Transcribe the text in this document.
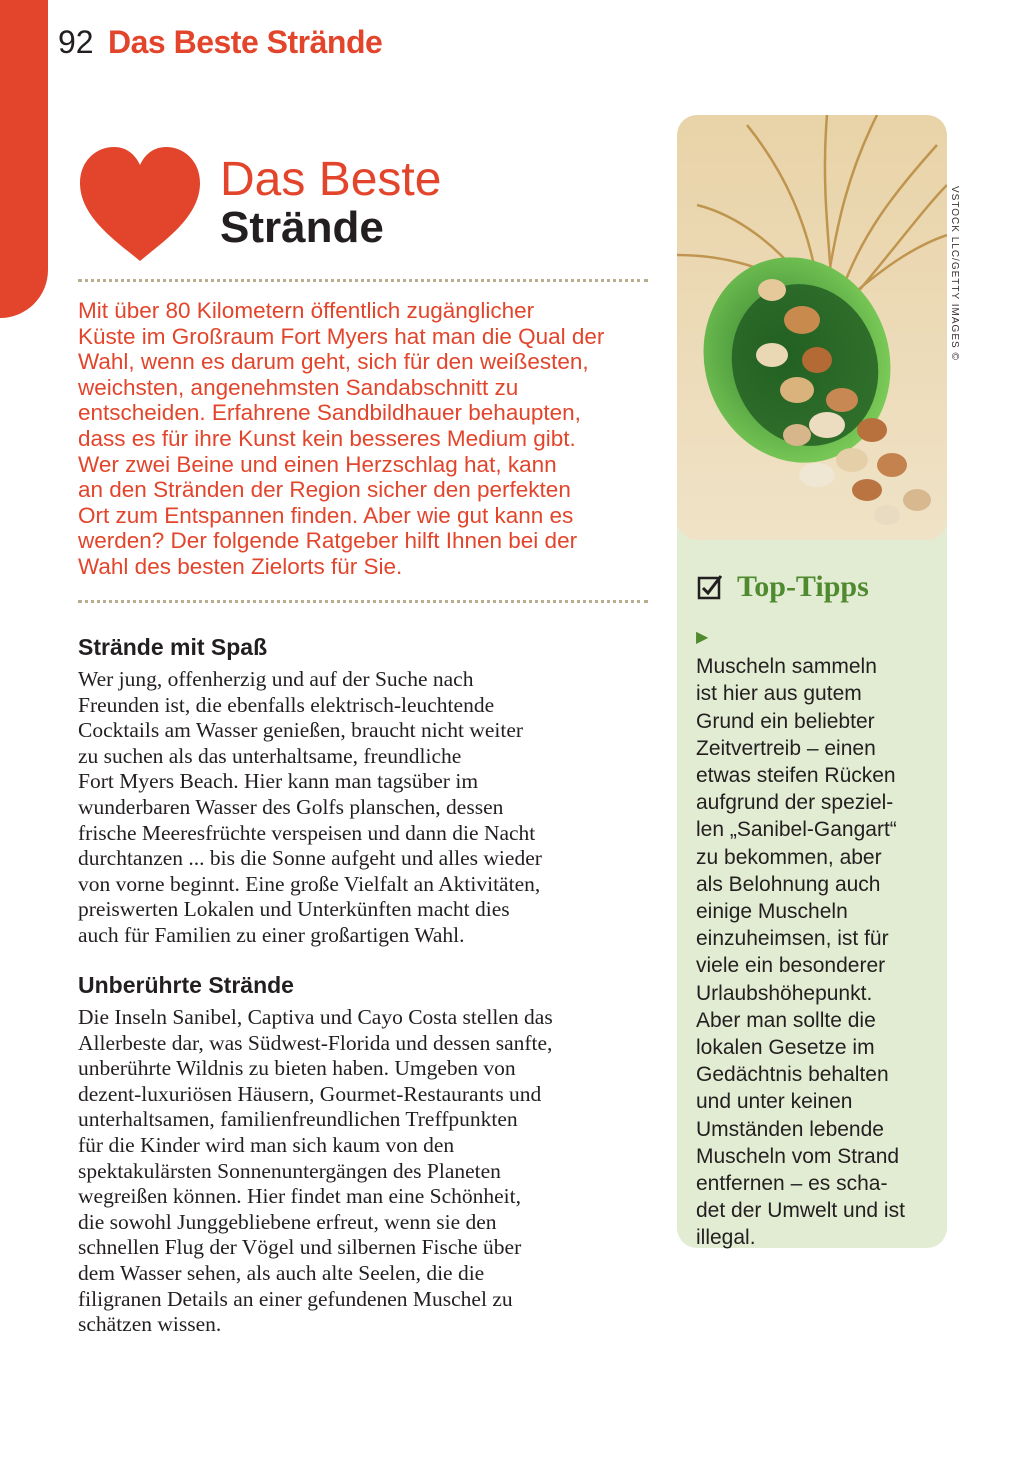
92 Das Beste Strände
Das Beste
Strände

Mit über 80 Kilometern öffentlich zugänglicher
Küste im Großraum Fort Myers hat man die Qual der
Wahl, wenn es darum geht, sich für den weißesten,
weichsten, angenehmsten Sandabschnitt zu
entscheiden. Erfahrene Sandbildhauer behaupten,
dass es für ihre Kunst kein besseres Medium gibt.
Wer zwei Beine und einen Herzschlag hat, kann
an den Stränden der Region sicher den perfekten
Ort zum Entspannen finden. Aber wie gut kann es
werden? Der folgende Ratgeber hilft Ihnen bei der
Wahl des besten Zielorts für Sie.

Strände mit Spaß

Wer jung, offenherzig und auf der Suche nach
Freunden ist, die ebenfalls elektrisch-leuchtende
Cocktails am Wasser genießen, braucht nicht weiter
zu suchen als das unterhaltsame, freundliche
Fort Myers Beach. Hier kann man tagsüber im
wunderbaren Wasser des Golfs planschen, dessen
frische Meeresfrüchte verspeisen und dann die Nacht
durchtanzen ... bis die Sonne aufgeht und alles wieder
von vorne beginnt. Eine große Vielfalt an Aktivitäten,
preiswerten Lokalen und Unterkünften macht dies
auch für Familien zu einer großartigen Wahl.

Unberührte Strände

Die Inseln Sanibel, Captiva und Cayo Costa stellen das
Allerbeste dar, was Südwest-Florida und dessen sanfte,
unberührte Wildnis zu bieten haben. Umgeben von
dezent-luxuriösen Häusern, Gourmet-Restaurants und
unterhaltsamen, familienfreundlichen Treffpunkten
für die Kinder wird man sich kaum von den
spektakulärsten Sonnenuntergängen des Planeten
wegreißen können. Hier findet man eine Schönheit,
die sowohl Junggebliebene erfreut, wenn sie den
schnellen Flug der Vögel und silbernen Fische über
dem Wasser sehen, als auch alte Seelen, die die
filigranen Details an einer gefundenen Muschel zu
schätzen wissen.

VSTOCK LLC/GETTY IMAGES ©
Top-Tipps

▶
Muscheln sammeln
ist hier aus gutem
Grund ein beliebter
Zeitvertreib – einen
etwas steifen Rücken
aufgrund der speziel-
len „Sanibel-Gangart“
zu bekommen, aber
als Belohnung auch
einige Muscheln
einzuheimsen, ist für
viele ein besonderer
Urlaubshöhepunkt.
Aber man sollte die
lokalen Gesetze im
Gedächtnis behalten
und unter keinen
Umständen lebende
Muscheln vom Strand
entfernen – es scha-
det der Umwelt und ist
illegal.
